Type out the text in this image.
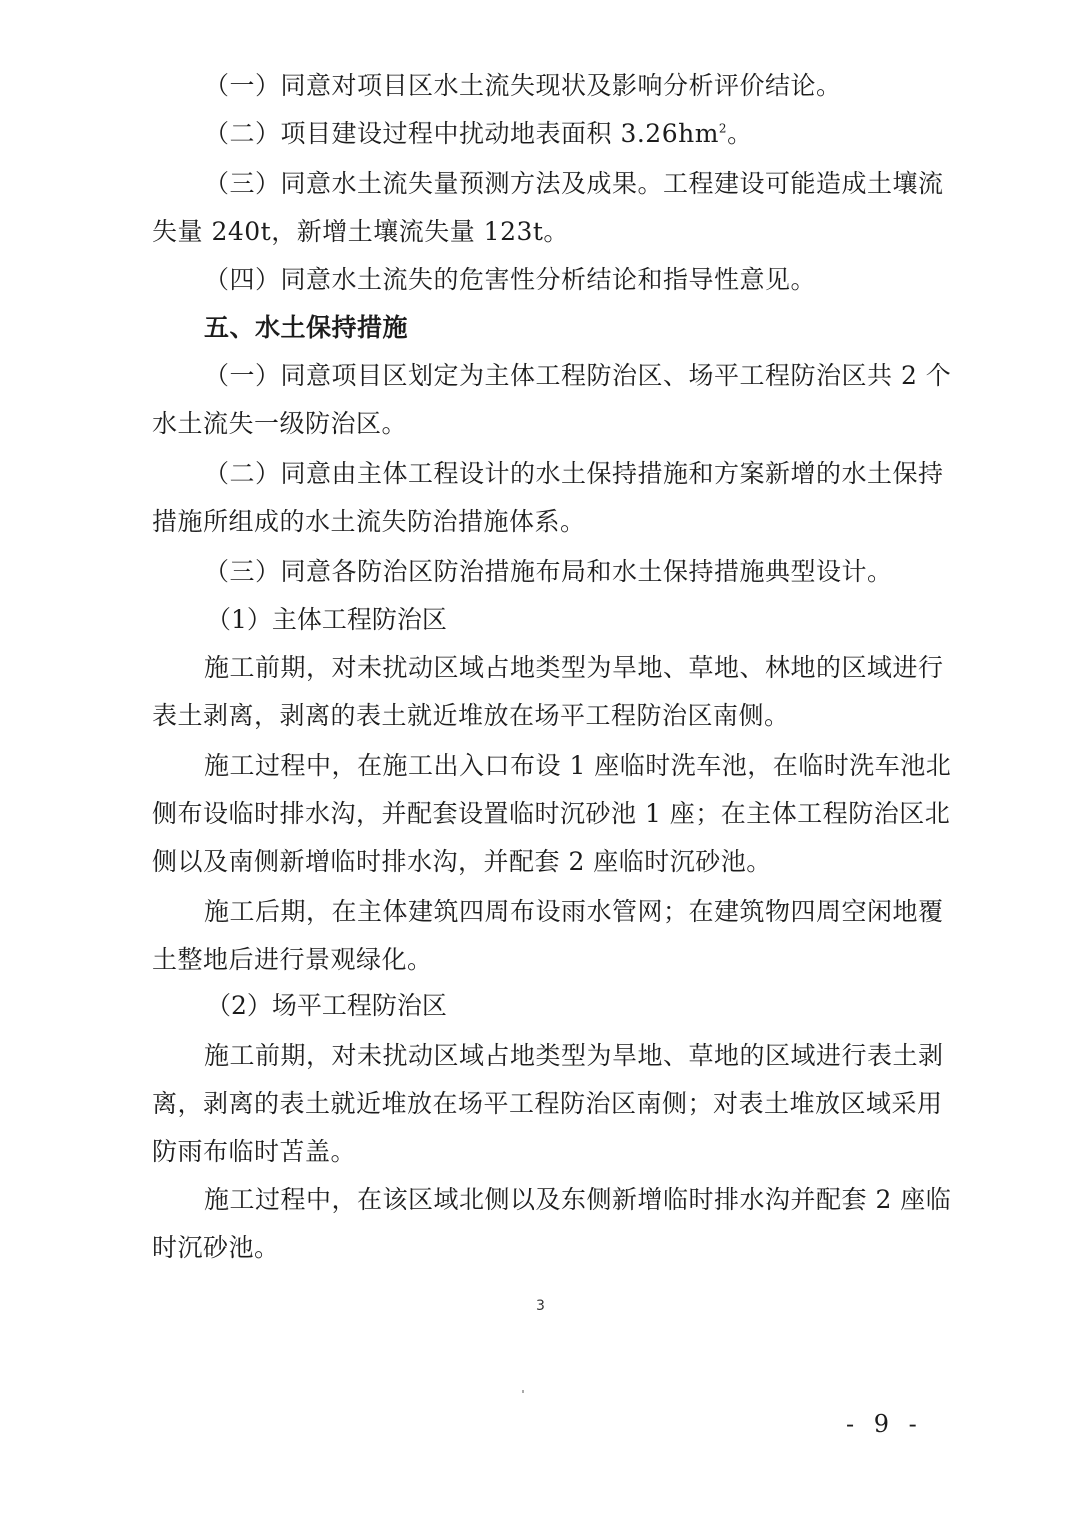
（一）同意对项目区水土流失现状及影响分析评价结论。

（二）项目建设过程中扰动地表面积 $3.26hm^2$。

（三）同意水土流失量预测方法及成果。工程建设可能造成土壤流失量 240t，新增土壤流失量 123t。

（四）同意水土流失的危害性分析结论和指导性意见。

五、水土保持措施

（一）同意项目区划定为主体工程防治区、场平工程防治区共 2 个水土流失一级防治区。

（二）同意由主体工程设计的水土保持措施和方案新增的水土保持措施所组成的水土流失防治措施体系。

（三）同意各防治区防治措施布局和水土保持措施典型设计。

（1）主体工程防治区

施工前期，对未扰动区域占地类型为旱地、草地、林地的区域进行表土剥离，剥离的表土就近堆放在场平工程防治区南侧。

施工过程中，在施工出入口布设 1 座临时洗车池，在临时洗车池北侧布设临时排水沟，并配套设置临时沉砂池 1 座；在主体工程防治区北侧以及南侧新增临时排水沟，并配套 2 座临时沉砂池。

施工后期，在主体建筑四周布设雨水管网；在建筑物四周空闲地覆土整地后进行景观绿化。

（2）场平工程防治区

施工前期，对未扰动区域占地类型为旱地、草地的区域进行表土剥离，剥离的表土就近堆放在场平工程防治区南侧；对表土堆放区域采用防雨布临时苫盖。

施工过程中，在该区域北侧以及东侧新增临时排水沟并配套 2 座临时沉砂池。

3
- 9 -
